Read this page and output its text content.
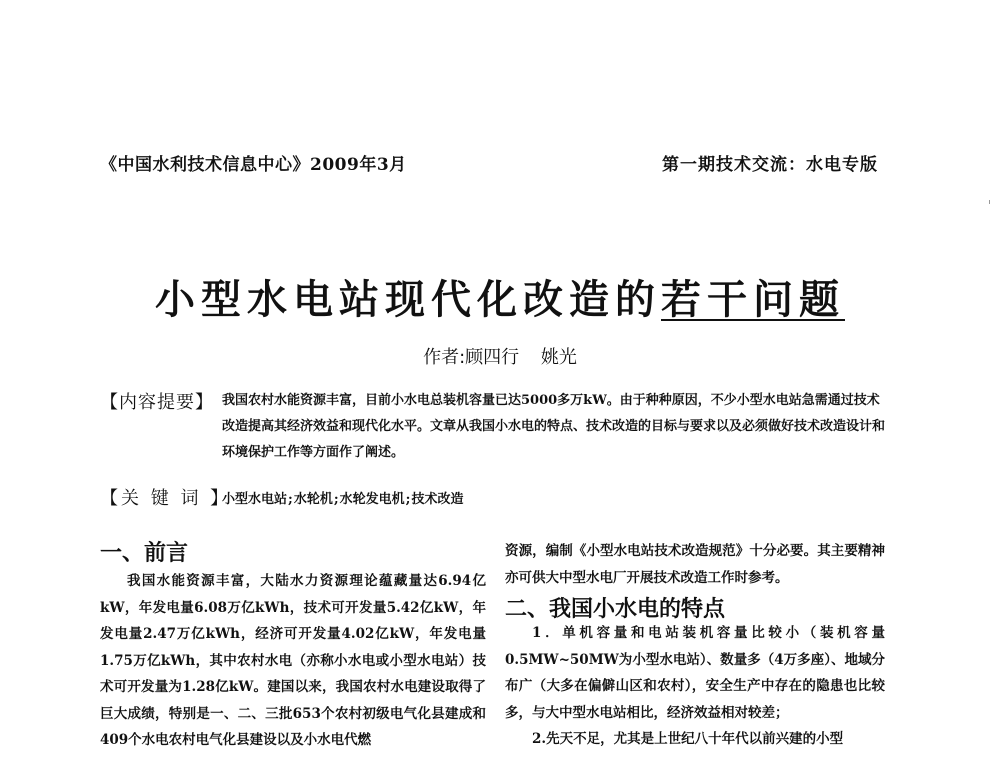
《中国水利技术信息中心》2009年3月	第一期技术交流：水电专版
小型水电站现代化改造的若干问题
作者:顾四行 姚光
【内容提要】 我国农村水能资源丰富，目前小水电总装机容量已达5000多万kW。由于种种原因，不少小型水电站急需通过技术改造提高其经济效益和现代化水平。文章从我国小水电的特点、技术改造的目标与要求以及必须做好技术改造设计和环境保护工作等方面作了阐述。
【关 键 词 】
小型水电站;水轮机;水轮发电机;技术改造
一、前言
我国水能资源丰富，大陆水力资源理论蕴藏量达6.94亿kW，年发电量6.08万亿kWh，技术可开发量5.42亿kW，年发电量2.47万亿kWh，经济可开发量4.02亿kW，年发电量1.75万亿kWh，其中农村水电（亦称小水电或小型水电站）技术可开发量为1.28亿kW。建国以来，我国农村水电建设取得了巨大成绩，特别是一、二、三批653个农村初级电气化县建成和409个水电农村电气化县建设以及小水电代燃
资源，编制《小型水电站技术改造规范》十分必要。其主要精神亦可供大中型水电厂开展技术改造工作时参考。
二、我国小水电的特点
1．单机容量和电站装机容量比较小（装机容量0.5MW~50MW为小型水电站）、数量多（4万多座）、地域分布广（大多在偏僻山区和农村），安全生产中存在的隐患也比较多，与大中型水电站相比，经济效益相对较差；
2.先天不足，尤其是上世纪八十年代以前兴建的小型
